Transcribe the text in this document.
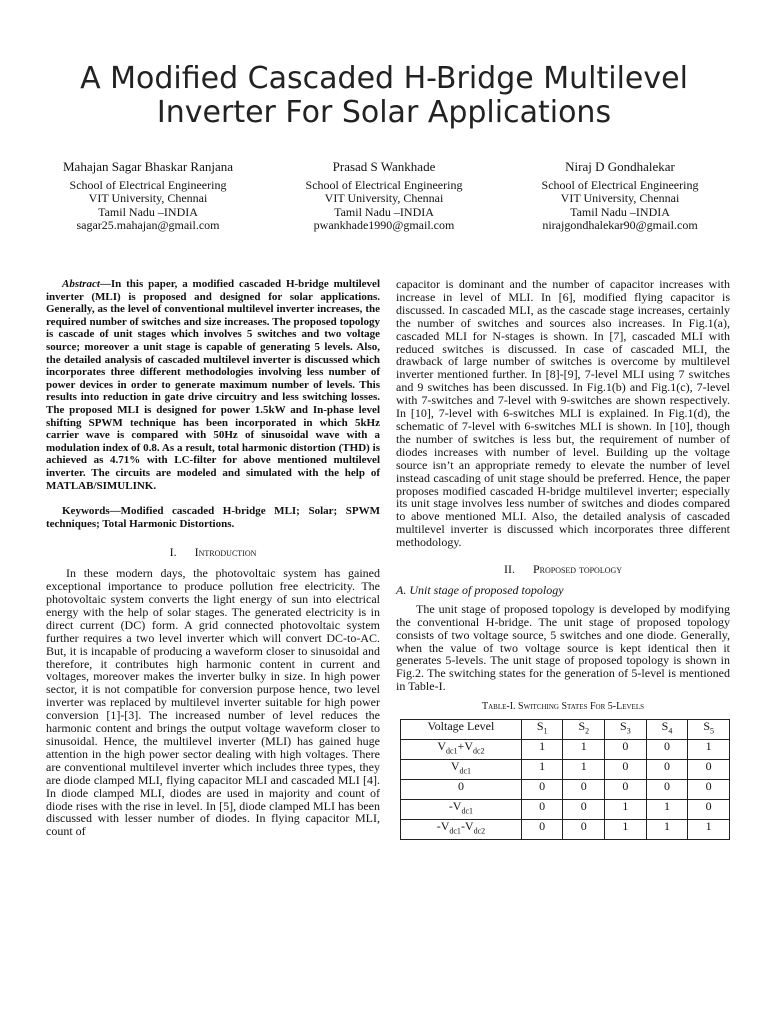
A Modified Cascaded H-Bridge Multilevel Inverter For Solar Applications
Mahajan Sagar Bhaskar Ranjana
School of Electrical Engineering
VIT University, Chennai
Tamil Nadu –INDIA
sagar25.mahajan@gmail.com
Prasad S Wankhade
School of Electrical Engineering
VIT University, Chennai
Tamil Nadu –INDIA
pwankhade1990@gmail.com
Niraj D Gondhalekar
School of Electrical Engineering
VIT University, Chennai
Tamil Nadu –INDIA
nirajgondhalekar90@gmail.com

Abstract—In this paper, a modified cascaded H-bridge multilevel inverter (MLI) is proposed and designed for solar applications. Generally, as the level of conventional multilevel inverter increases, the required number of switches and size increases. The proposed topology is cascade of unit stages which involves 5 switches and two voltage source; moreover a unit stage is capable of generating 5 levels. Also, the detailed analysis of cascaded multilevel inverter is discussed which incorporates three different methodologies involving less number of power devices in order to generate maximum number of levels. This results into reduction in gate drive circuitry and less switching losses. The proposed MLI is designed for power 1.5kW and In-phase level shifting SPWM technique has been incorporated in which 5kHz carrier wave is compared with 50Hz of sinusoidal wave with a modulation index of 0.8. As a result, total harmonic distortion (THD) is achieved as 4.71% with LC-filter for above mentioned multilevel inverter. The circuits are modeled and simulated with the help of MATLAB/SIMULINK.

Keywords—Modified cascaded H-bridge MLI; Solar; SPWM techniques; Total Harmonic Distortions.

I. Introduction

In these modern days, the photovoltaic system has gained exceptional importance to produce pollution free electricity. The photovoltaic system converts the light energy of sun into electrical energy with the help of solar stages. The generated electricity is in direct current (DC) form. A grid connected photovoltaic system further requires a two level inverter which will convert DC-to-AC. But, it is incapable of producing a waveform closer to sinusoidal and therefore, it contributes high harmonic content in current and voltages, moreover makes the inverter bulky in size. In high power sector, it is not compatible for conversion purpose hence, two level inverter was replaced by multilevel inverter suitable for high power conversion [1]-[3]. The increased number of level reduces the harmonic content and brings the output voltage waveform closer to sinusoidal. Hence, the multilevel inverter (MLI) has gained huge attention in the high power sector dealing with high voltages. There are conventional multilevel inverter which includes three types, they are diode clamped MLI, flying capacitor MLI and cascaded MLI [4]. In diode clamped MLI, diodes are used in majority and count of diode rises with the rise in level. In [5], diode clamped MLI has been discussed with lesser number of diodes. In flying capacitor MLI, count of

capacitor is dominant and the number of capacitor increases with increase in level of MLI. In [6], modified flying capacitor is discussed. In cascaded MLI, as the cascade stage increases, certainly the number of switches and sources also increases. In Fig.1(a), cascaded MLI for N-stages is shown. In [7], cascaded MLI with reduced switches is discussed. In case of cascaded MLI, the drawback of large number of switches is overcome by multilevel inverter mentioned further. In [8]-[9], 7-level MLI using 7 switches and 9 switches has been discussed. In Fig.1(b) and Fig.1(c), 7-level with 7-switches and 7-level with 9-switches are shown respectively. In [10], 7-level with 6-switches MLI is explained. In Fig.1(d), the schematic of 7-level with 6-switches MLI is shown. In [10], though the number of switches is less but, the requirement of number of diodes increases with number of level. Building up the voltage source isn’t an appropriate remedy to elevate the number of level instead cascading of unit stage should be preferred. Hence, the paper proposes modified cascaded H-bridge multilevel inverter; especially its unit stage involves less number of switches and diodes compared to above mentioned MLI. Also, the detailed analysis of cascaded multilevel inverter is discussed which incorporates three different methodology.

II. Proposed topology
A. Unit stage of proposed topology

The unit stage of proposed topology is developed by modifying the conventional H-bridge. The unit stage of proposed topology consists of two voltage source, 5 switches and one diode. Generally, when the value of two voltage source is kept identical then it generates 5-levels. The unit stage of proposed topology is shown in Fig.2. The switching states for the generation of 5-level is mentioned in Table-I.

Table-I. Switching States For 5-Levels
Voltage Level	$S_1$	$S_2$	$S_3$	$S_4$	$S_5$
$V_{dc1}+V_{dc2}$	1	1	0	0	1
$V_{dc1}$	1	1	0	0	0
0	0	0	0	0	0
$-V_{dc1}$	0	0	1	1	0
$-V_{dc1}-V_{dc2}$	0	0	1	1	1
